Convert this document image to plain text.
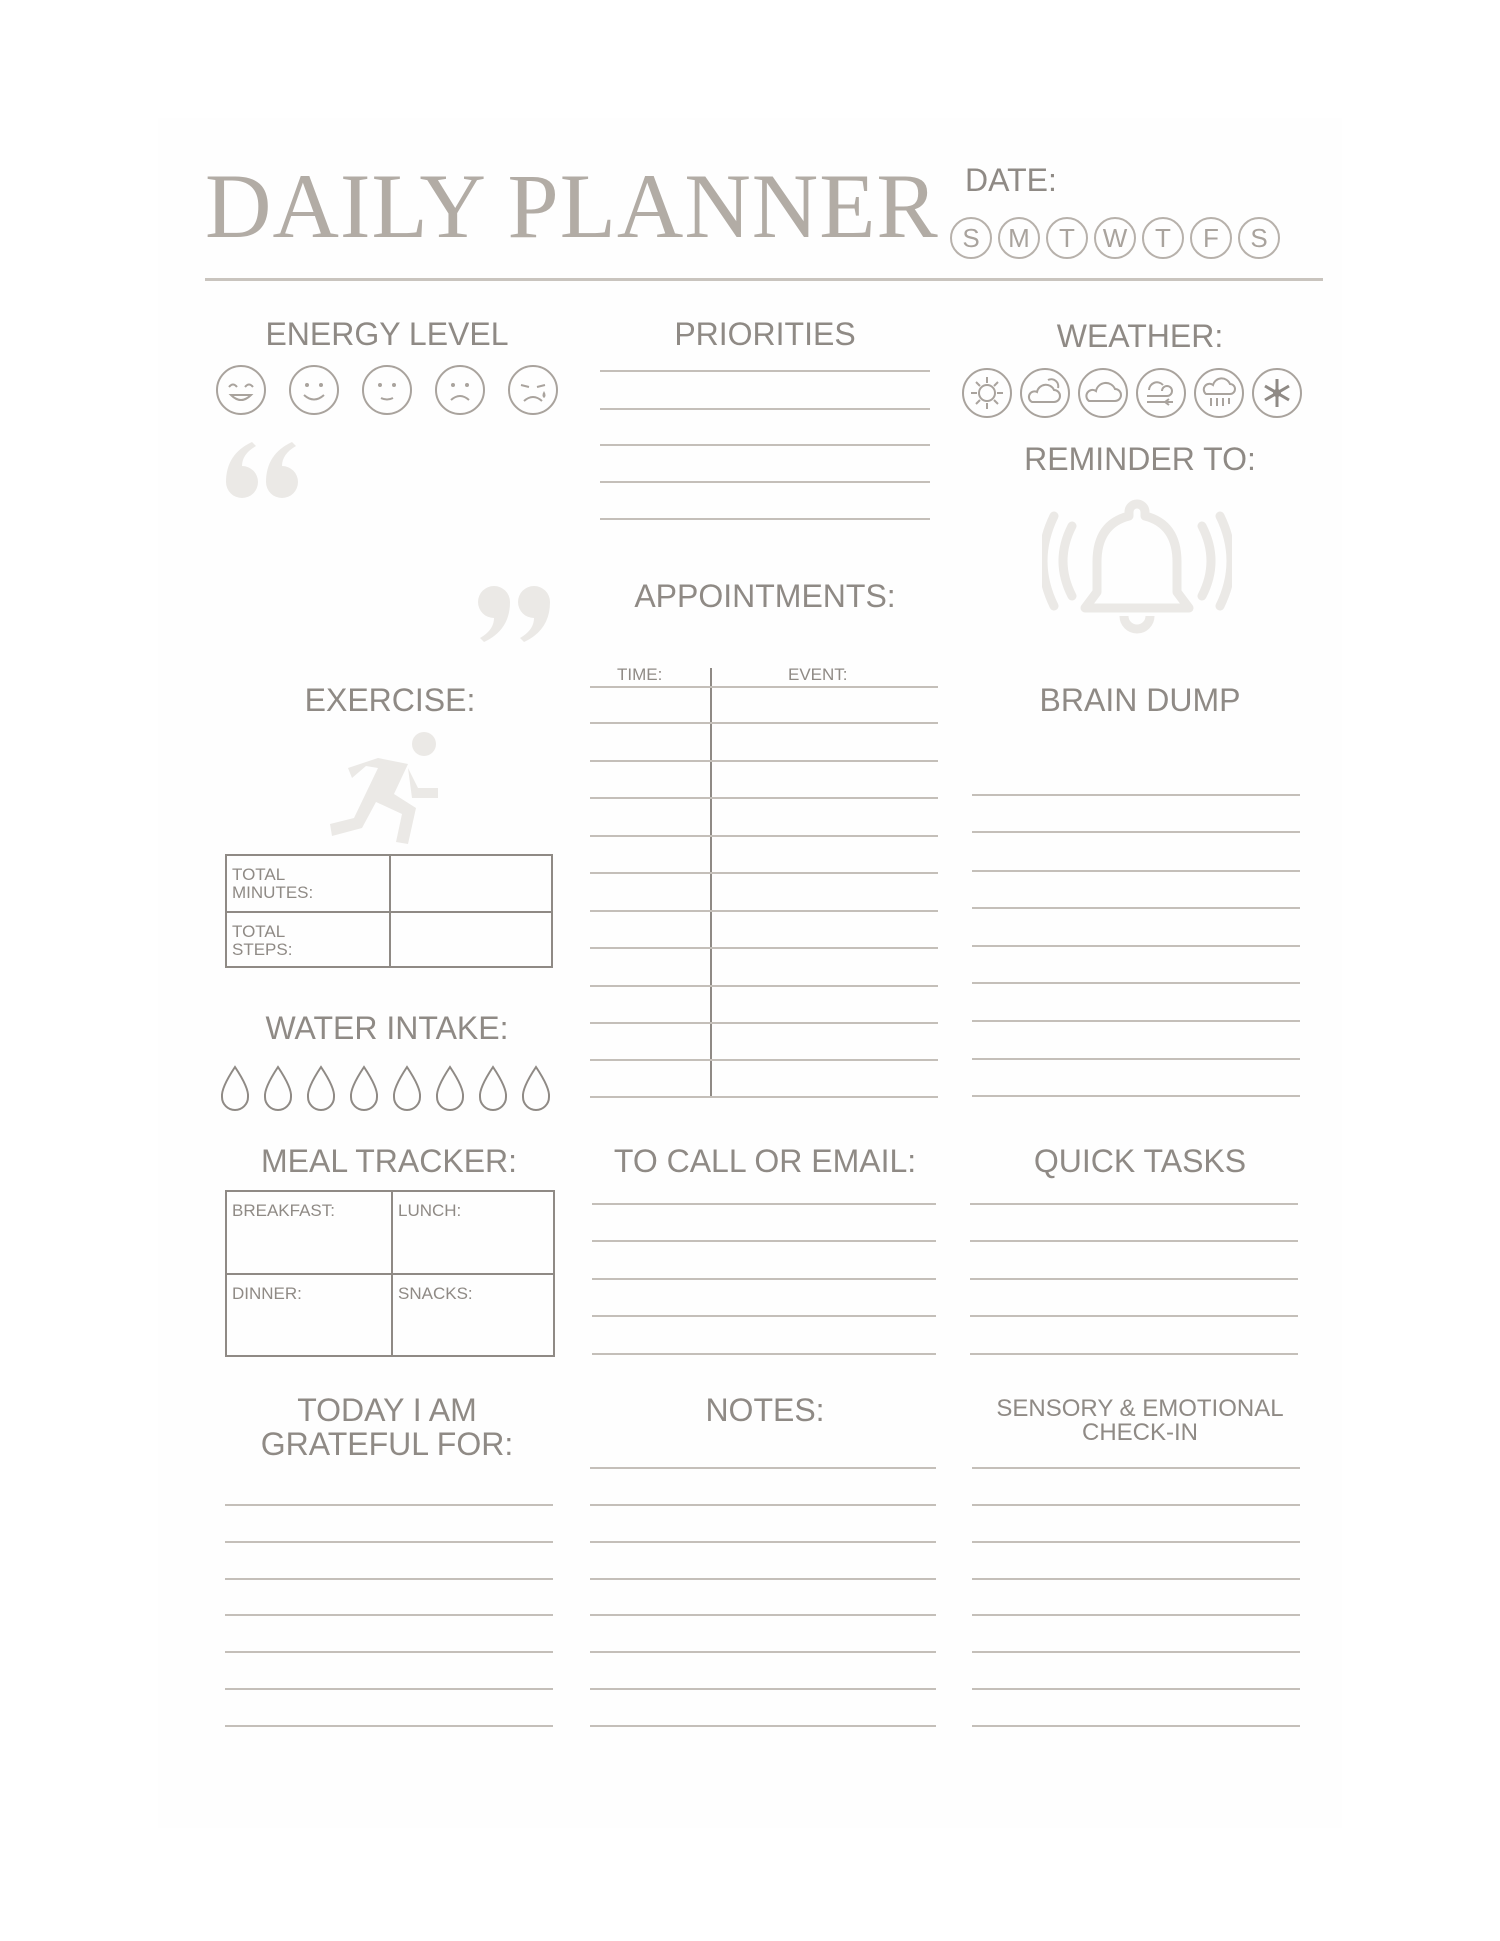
DAILY PLANNER DATE:
S	M	T	W	T	F	S
ENERGY LEVEL	PRIORITIES	WEATHER:
REMINDER TO:
APPOINTMENTS:
TIME:	EVENT:
EXERCISE:
TOTAL MINUTES:
TOTAL STEPS:
BRAIN DUMP
WATER INTAKE:
MEAL TRACKER:
BREAKFAST:	LUNCH:
DINNER:	SNACKS:
TO CALL OR EMAIL:	QUICK TASKS
TODAY I AM
GRATEFUL FOR:
NOTES:	SENSORY & EMOTIONAL
CHECK-IN
